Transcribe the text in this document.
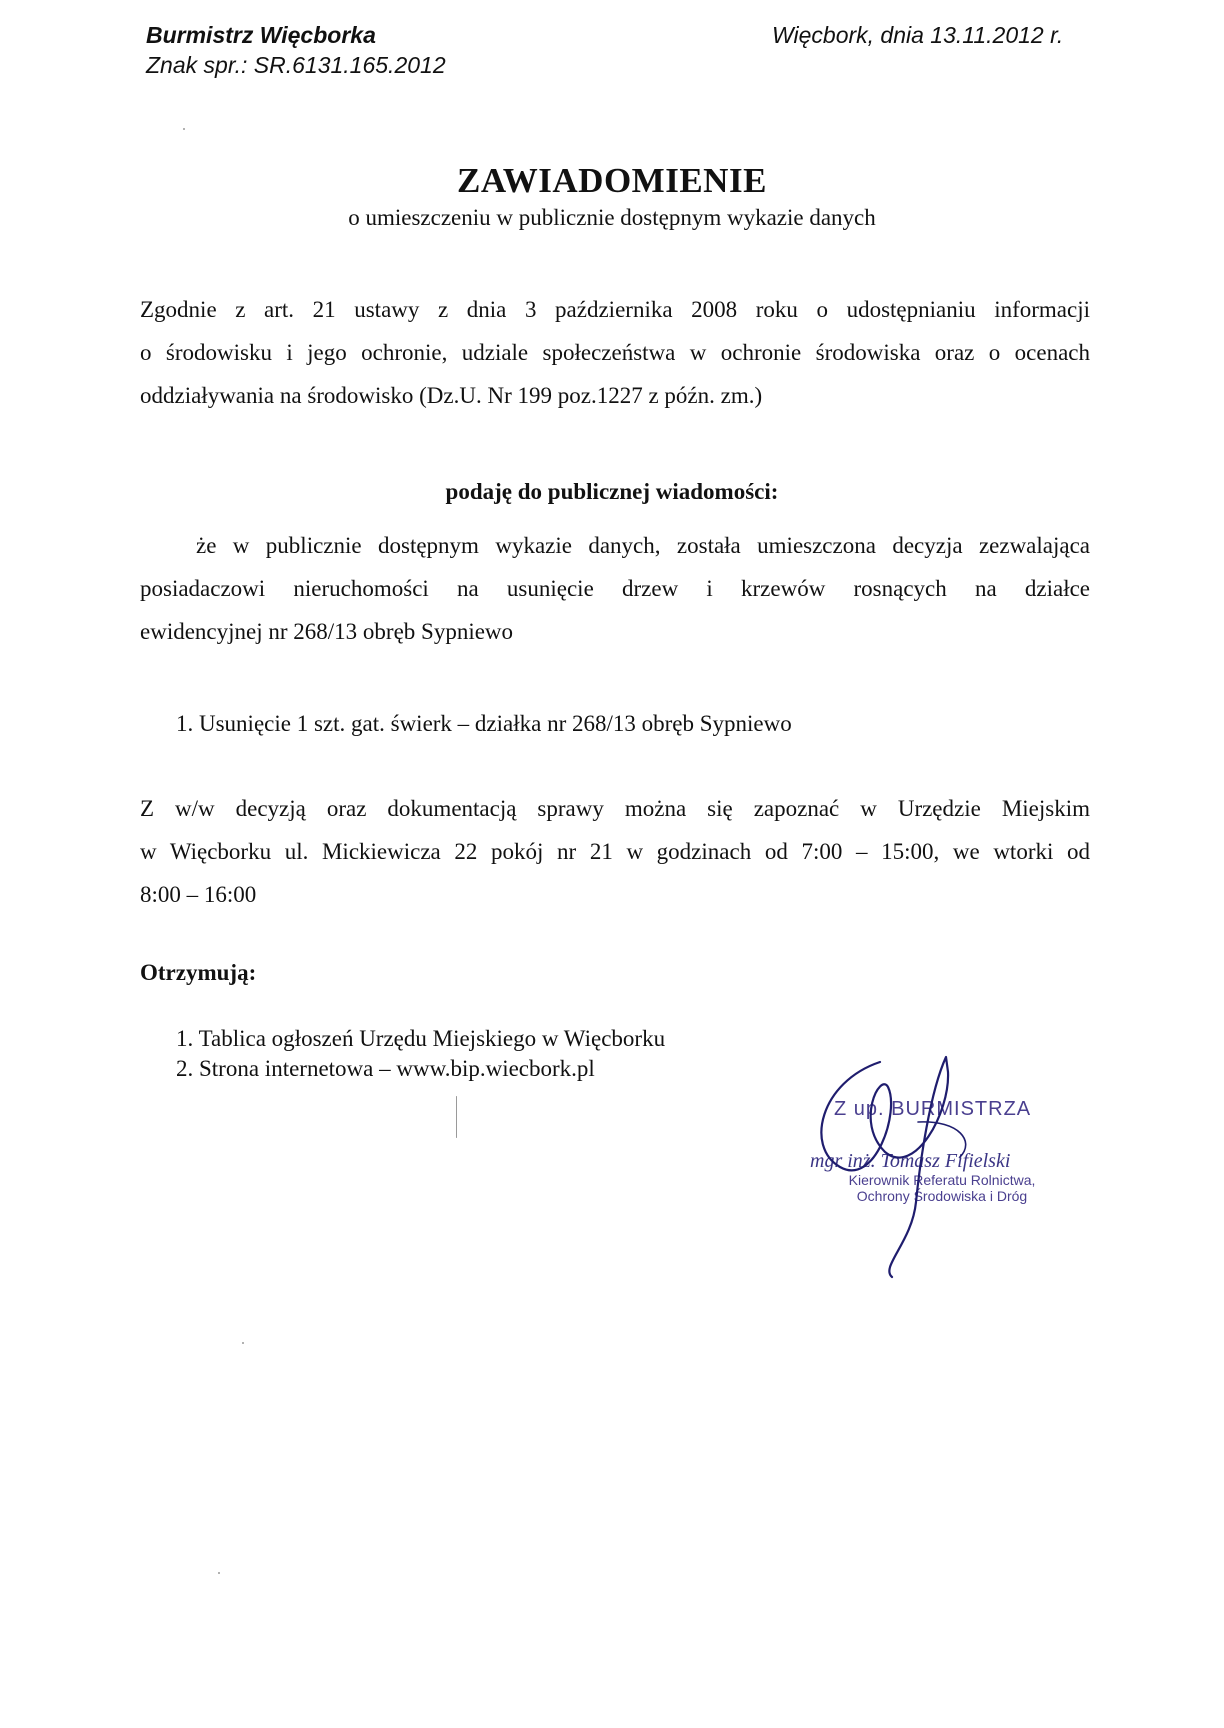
Burmistrz Więcborka
Znak spr.: SR.6131.165.2012
Więcbork, dnia 13.11.2012 r.
ZAWIADOMIENIE
o umieszczeniu w publicznie dostępnym wykazie danych
Zgodnie z art. 21 ustawy z dnia 3 października 2008 roku o udostępnianiu informacji
o środowisku i jego ochronie, udziale społeczeństwa w ochronie środowiska oraz o ocenach
oddziaływania na środowisko (Dz.U. Nr 199 poz.1227 z późn. zm.)
podaję do publicznej wiadomości:
że w publicznie dostępnym wykazie danych, została umieszczona decyzja zezwalająca
posiadaczowi nieruchomości na usunięcie drzew i krzewów rosnących na działce
ewidencyjnej nr 268/13 obręb Sypniewo
1. Usunięcie 1 szt. gat. świerk – działka nr 268/13 obręb Sypniewo
Z w/w decyzją oraz dokumentacją sprawy można się zapoznać w Urzędzie Miejskim
w Więcborku ul. Mickiewicza 22 pokój nr 21 w godzinach od 7:00 – 15:00, we wtorki od
8:00 – 16:00
Otrzymują:
1. Tablica ogłoszeń Urzędu Miejskiego w Więcborku
2. Strona internetowa – www.bip.wiecbork.pl
Z up. BURMISTRZA
mgr inż. Tomasz Fifielski
Kierownik Referatu Rolnictwa,
Ochrony Środowiska i Dróg
